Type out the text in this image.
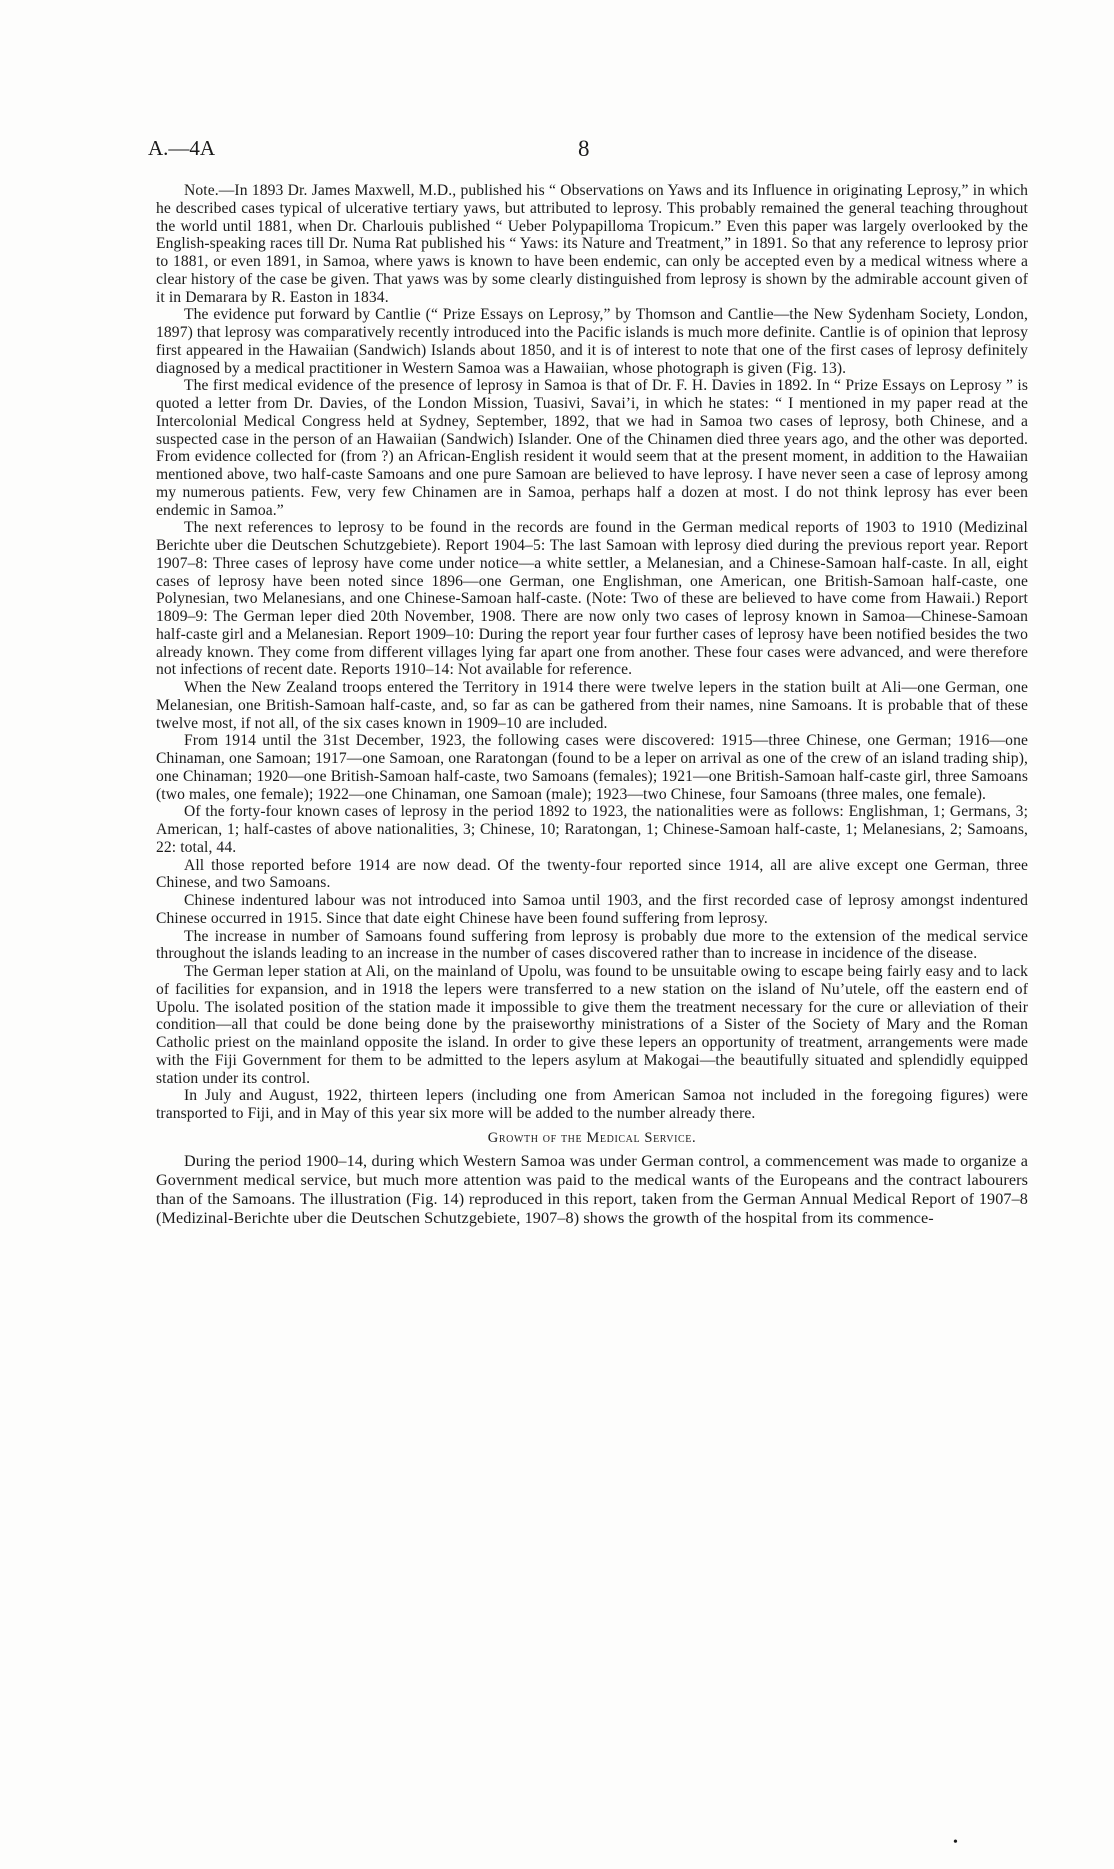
A.—4A	8

Note.—In 1893 Dr. James Maxwell, M.D., published his “ Observations on Yaws and its Influence in originating Leprosy,” in which he described cases typical of ulcerative tertiary yaws, but attributed to leprosy. This probably remained the general teaching throughout the world until 1881, when Dr. Charlouis published “ Ueber Polypapilloma Tropicum.” Even this paper was largely overlooked by the English-speaking races till Dr. Numa Rat published his “ Yaws: its Nature and Treatment,” in 1891. So that any reference to leprosy prior to 1881, or even 1891, in Samoa, where yaws is known to have been endemic, can only be accepted even by a medical witness where a clear history of the case be given. That yaws was by some clearly distinguished from leprosy is shown by the admirable account given of it in Demarara by R. Easton in 1834.

The evidence put forward by Cantlie (“ Prize Essays on Leprosy,” by Thomson and Cantlie—the New Sydenham Society, London, 1897) that leprosy was comparatively recently introduced into the Pacific islands is much more definite. Cantlie is of opinion that leprosy first appeared in the Hawaiian (Sandwich) Islands about 1850, and it is of interest to note that one of the first cases of leprosy definitely diagnosed by a medical practitioner in Western Samoa was a Hawaiian, whose photograph is given (Fig. 13).

The first medical evidence of the presence of leprosy in Samoa is that of Dr. F. H. Davies in 1892. In “ Prize Essays on Leprosy ” is quoted a letter from Dr. Davies, of the London Mission, Tuasivi, Savai’i, in which he states: “ I mentioned in my paper read at the Intercolonial Medical Congress held at Sydney, September, 1892, that we had in Samoa two cases of leprosy, both Chinese, and a suspected case in the person of an Hawaiian (Sandwich) Islander. One of the Chinamen died three years ago, and the other was deported. From evidence collected for (from ?) an African-English resident it would seem that at the present moment, in addition to the Hawaiian mentioned above, two half-caste Samoans and one pure Samoan are believed to have leprosy. I have never seen a case of leprosy among my numerous patients. Few, very few Chinamen are in Samoa, perhaps half a dozen at most. I do not think leprosy has ever been endemic in Samoa.”

The next references to leprosy to be found in the records are found in the German medical reports of 1903 to 1910 (Medizinal Berichte uber die Deutschen Schutzgebiete). Report 1904–5: The last Samoan with leprosy died during the previous report year. Report 1907–8: Three cases of leprosy have come under notice—a white settler, a Melanesian, and a Chinese-Samoan half-caste. In all, eight cases of leprosy have been noted since 1896—one German, one Englishman, one American, one British-Samoan half-caste, one Polynesian, two Melanesians, and one Chinese-Samoan half-caste. (Note: Two of these are believed to have come from Hawaii.) Report 1809–9: The German leper died 20th November, 1908. There are now only two cases of leprosy known in Samoa—Chinese-Samoan half-caste girl and a Melanesian. Report 1909–10: During the report year four further cases of leprosy have been notified besides the two already known. They come from different villages lying far apart one from another. These four cases were advanced, and were therefore not infections of recent date. Reports 1910–14: Not available for reference.

When the New Zealand troops entered the Territory in 1914 there were twelve lepers in the station built at Ali—one German, one Melanesian, one British-Samoan half-caste, and, so far as can be gathered from their names, nine Samoans. It is probable that of these twelve most, if not all, of the six cases known in 1909–10 are included.

From 1914 until the 31st December, 1923, the following cases were discovered: 1915—three Chinese, one German; 1916—one Chinaman, one Samoan; 1917—one Samoan, one Raratongan (found to be a leper on arrival as one of the crew of an island trading ship), one Chinaman; 1920—one British-Samoan half-caste, two Samoans (females); 1921—one British-Samoan half-caste girl, three Samoans (two males, one female); 1922—one Chinaman, one Samoan (male); 1923—two Chinese, four Samoans (three males, one female).

Of the forty-four known cases of leprosy in the period 1892 to 1923, the nationalities were as follows: Englishman, 1; Germans, 3; American, 1; half-castes of above nationalities, 3; Chinese, 10; Raratongan, 1; Chinese-Samoan half-caste, 1; Melanesians, 2; Samoans, 22: total, 44.

All those reported before 1914 are now dead. Of the twenty-four reported since 1914, all are alive except one German, three Chinese, and two Samoans.

Chinese indentured labour was not introduced into Samoa until 1903, and the first recorded case of leprosy amongst indentured Chinese occurred in 1915. Since that date eight Chinese have been found suffering from leprosy.

The increase in number of Samoans found suffering from leprosy is probably due more to the extension of the medical service throughout the islands leading to an increase in the number of cases discovered rather than to increase in incidence of the disease.

The German leper station at Ali, on the mainland of Upolu, was found to be unsuitable owing to escape being fairly easy and to lack of facilities for expansion, and in 1918 the lepers were transferred to a new station on the island of Nu’utele, off the eastern end of Upolu. The isolated position of the station made it impossible to give them the treatment necessary for the cure or alleviation of their condition—all that could be done being done by the praiseworthy ministrations of a Sister of the Society of Mary and the Roman Catholic priest on the mainland opposite the island. In order to give these lepers an opportunity of treatment, arrangements were made with the Fiji Government for them to be admitted to the lepers asylum at Makogai—the beautifully situated and splendidly equipped station under its control.

In July and August, 1922, thirteen lepers (including one from American Samoa not included in the foregoing figures) were transported to Fiji, and in May of this year six more will be added to the number already there.

Growth of the Medical Service.

During the period 1900–14, during which Western Samoa was under German control, a commencement was made to organize a Government medical service, but much more attention was paid to the medical wants of the Europeans and the contract labourers than of the Samoans. The illustration (Fig. 14) reproduced in this report, taken from the German Annual Medical Report of 1907–8 (Medizinal-Berichte uber die Deutschen Schutzgebiete, 1907–8) shows the growth of the hospital from its commence-

•
